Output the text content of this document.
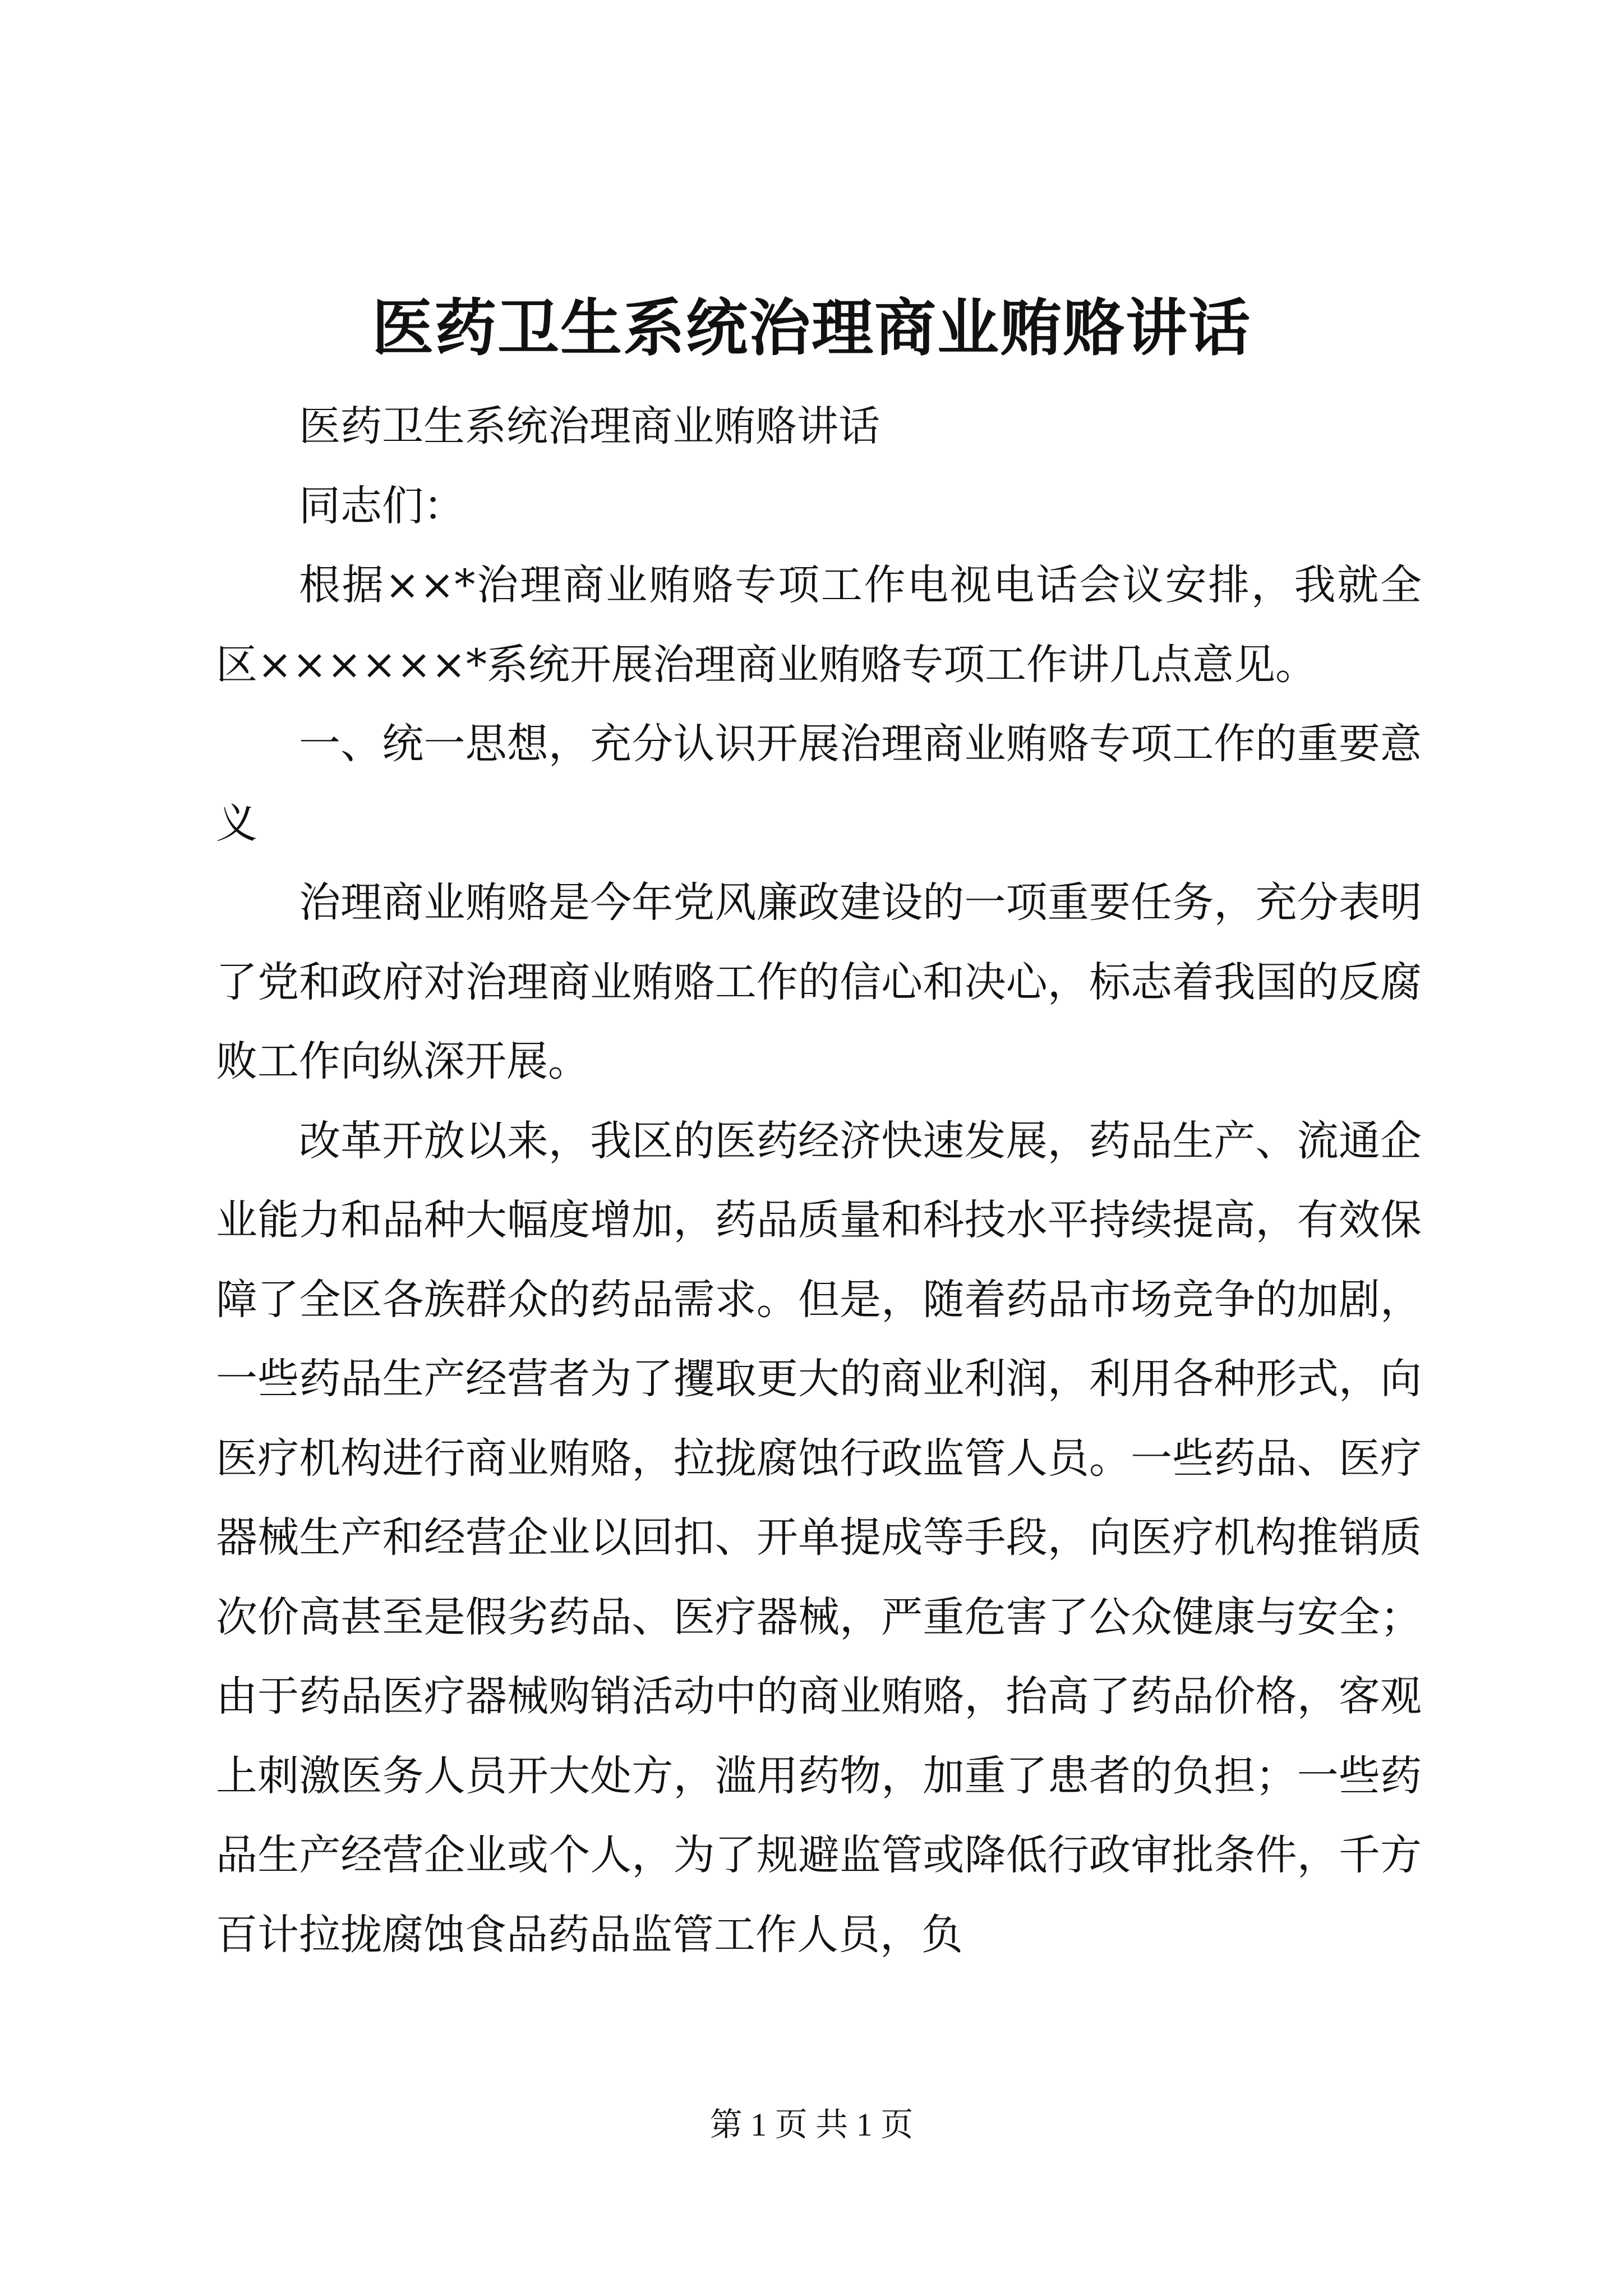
医药卫生系统治理商业贿赂讲话

医药卫生系统治理商业贿赂讲话

同志们：

根据××*治理商业贿赂专项工作电视电话会议安排，我就全区××××××*系统开展治理商业贿赂专项工作讲几点意见。

一、统一思想，充分认识开展治理商业贿赂专项工作的重要意义

治理商业贿赂是今年党风廉政建设的一项重要任务，充分表明了党和政府对治理商业贿赂工作的信心和决心，标志着我国的反腐败工作向纵深开展。

改革开放以来，我区的医药经济快速发展，药品生产、流通企业能力和品种大幅度增加，药品质量和科技水平持续提高，有效保障了全区各族群众的药品需求。但是，随着药品市场竞争的加剧，一些药品生产经营者为了攫取更大的商业利润，利用各种形式，向医疗机构进行商业贿赂，拉拢腐蚀行政监管人员。一些药品、医疗器械生产和经营企业以回扣、开单提成等手段，向医疗机构推销质次价高甚至是假劣药品、医疗器械，严重危害了公众健康与安全；由于药品医疗器械购销活动中的商业贿赂，抬高了药品价格，客观上刺激医务人员开大处方，滥用药物，加重了患者的负担；一些药品生产经营企业或个人，为了规避监管或降低行政审批条件，千方百计拉拢腐蚀食品药品监管工作人员，负

第 1 页 共 1 页
